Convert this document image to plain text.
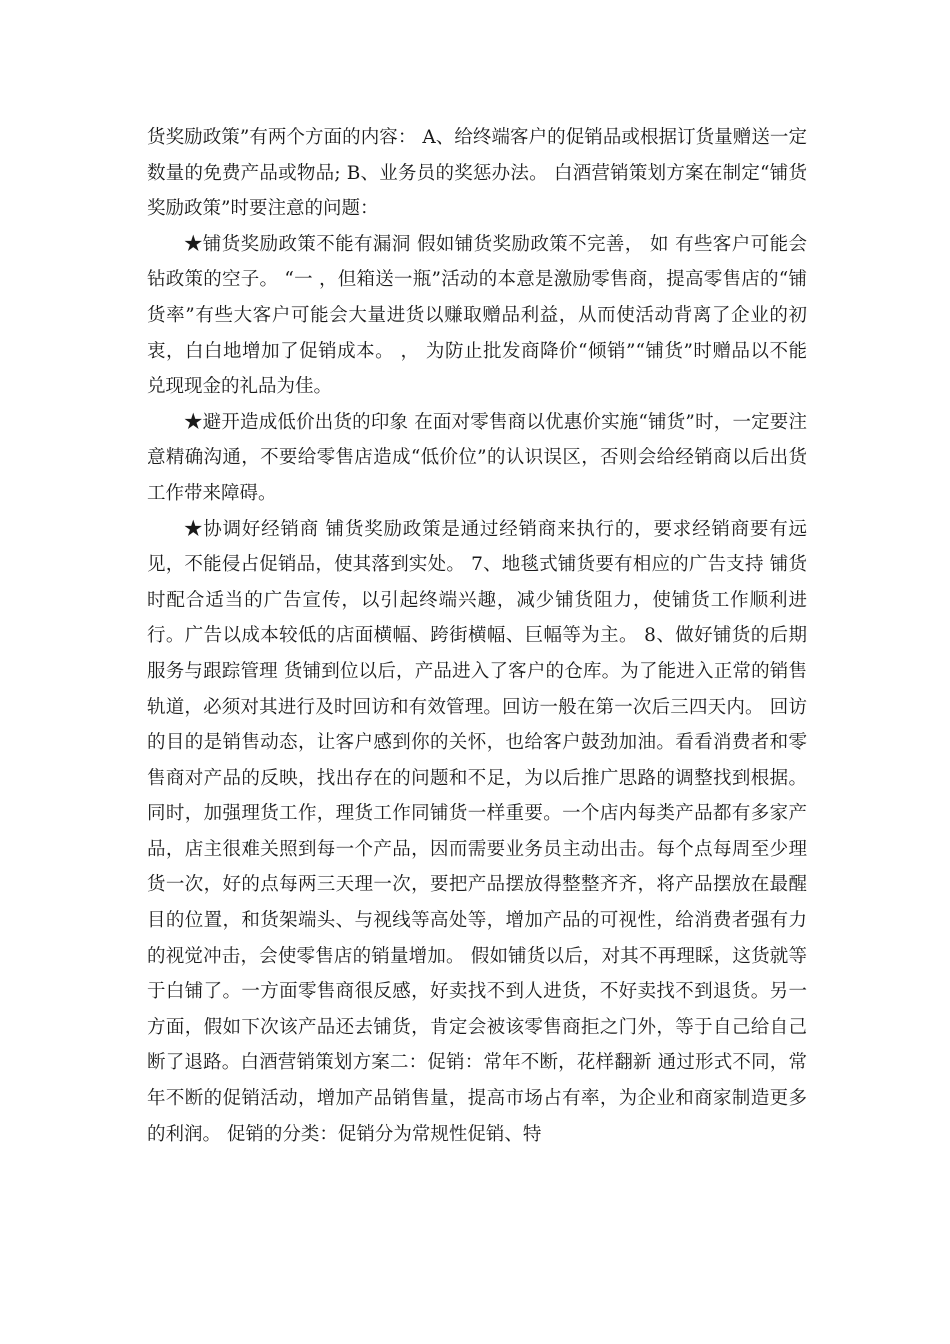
货奖励政策”有两个方面的内容： A、给终端客户的促销品或根据订货量赠送一定数量的免费产品或物品; B、业务员的奖惩办法。 白酒营销策划方案在制定“铺货奖励政策”时要注意的问题：

★铺货奖励政策不能有漏洞 假如铺货奖励政策不完善， 如 有些客户可能会钻政策的空子。 “一 ，但箱送一瓶”活动的本意是激励零售商，提高零售店的“铺货率”有些大客户可能会大量进货以赚取赠品利益，从而使活动背离了企业的初衷，白白地增加了促销成本。 ， 为防止批发商降价“倾销”“铺货”时赠品以不能兑现现金的礼品为佳。

★避开造成低价出货的印象 在面对零售商以优惠价实施“铺货”时，一定要注意精确沟通，不要给零售店造成“低价位”的认识误区，否则会给经销商以后出货工作带来障碍。

★协调好经销商 铺货奖励政策是通过经销商来执行的，要求经销商要有远见，不能侵占促销品，使其落到实处。 7、地毯式铺货要有相应的广告支持 铺货时配合适当的广告宣传，以引起终端兴趣，减少铺货阻力，使铺货工作顺利进行。广告以成本较低的店面横幅、跨街横幅、巨幅等为主。 8、做好铺货的后期服务与跟踪管理 货铺到位以后，产品进入了客户的仓库。为了能进入正常的销售轨道，必须对其进行及时回访和有效管理。回访一般在第一次后三四天内。 回访的目的是销售动态，让客户感到你的关怀，也给客户鼓劲加油。看看消费者和零售商对产品的反映，找出存在的问题和不足，为以后推广思路的调整找到根据。 同时，加强理货工作，理货工作同铺货一样重要。一个店内每类产品都有多家产品，店主很难关照到每一个产品，因而需要业务员主动出击。每个点每周至少理货一次，好的点每两三天理一次，要把产品摆放得整整齐齐，将产品摆放在最醒目的位置，和货架端头、与视线等高处等，增加产品的可视性，给消费者强有力的视觉冲击，会使零售店的销量增加。 假如铺货以后，对其不再理睬，这货就等于白铺了。一方面零售商很反感，好卖找不到人进货，不好卖找不到退货。另一方面，假如下次该产品还去铺货，肯定会被该零售商拒之门外，等于自己给自己断了退路。白酒营销策划方案二：促销：常年不断，花样翻新 通过形式不同，常年不断的促销活动，增加产品销售量，提高市场占有率，为企业和商家制造更多的利润。 促销的分类：促销分为常规性促销、特
